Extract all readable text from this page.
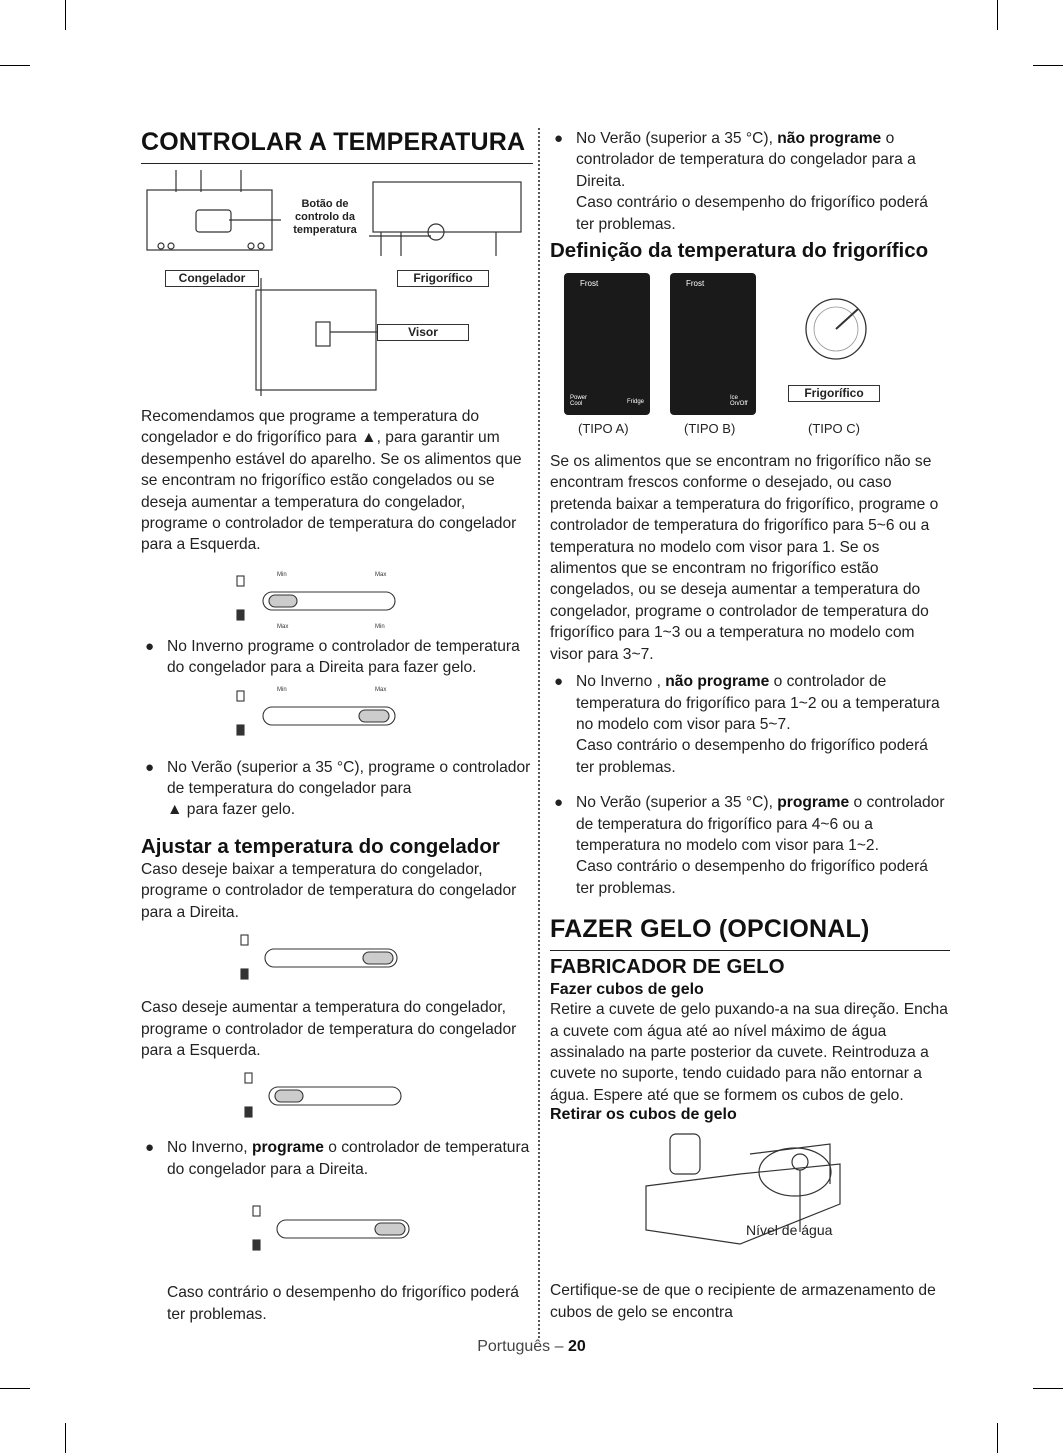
CONTROLAR A TEMPERATURA
Botão de controlo da temperatura
Congelador	Frigorífico
Visor

Recomendamos que programe a temperatura do congelador e do frigorífico para ▲, para garantir um desempenho estável do aparelho. Se os alimentos que se encontram no frigorífico estão congelados ou se deseja aumentar a temperatura do congelador, programe o controlador de temperatura do congelador para a Esquerda.

Min	Max
Max	Min
● No Inverno programe o controlador de temperatura do congelador para a Direita para fazer gelo.
Min	Max
● No Verão (superior a 35 °C), programe o controlador de temperatura do congelador para
▲ para fazer gelo.
Ajustar a temperatura do congelador

Caso deseje baixar a temperatura do congelador, programe o controlador de temperatura do congelador para a Direita.

Caso deseje aumentar a temperatura do congelador, programe o controlador de temperatura do congelador para a Esquerda.

● No Inverno, programe o controlador de temperatura do congelador para a Direita.

Caso contrário o desempenho do frigorífico poderá ter problemas.

● No Verão (superior a 35 °C), não programe o controlador de temperatura do congelador para a Direita.
Caso contrário o desempenho do frigorífico poderá ter problemas.
Definição da temperatura do frigorífico
Frost
Power Cool	Fridge
Frost
Ice On/Off
Frigorífico
(TIPO A)	(TIPO B)	(TIPO C)

Se os alimentos que se encontram no frigorífico não se encontram frescos conforme o desejado, ou caso pretenda baixar a temperatura do frigorífico, programe o controlador de temperatura do frigorífico para 5~6 ou a temperatura no modelo com visor para 1. Se os alimentos que se encontram no frigorífico estão congelados, ou se deseja aumentar a temperatura do congelador, programe o controlador de temperatura do frigorífico para 1~3 ou a temperatura no modelo com visor para 3~7.

● No Inverno , não programe o controlador de temperatura do frigorífico para 1~2 ou a temperatura no modelo com visor para 5~7.
Caso contrário o desempenho do frigorífico poderá ter problemas.
● No Verão (superior a 35 °C), programe o controlador de temperatura do frigorífico para 4~6 ou a temperatura no modelo com visor para 1~2.
Caso contrário o desempenho do frigorífico poderá ter problemas.
FAZER GELO (OPCIONAL)
FABRICADOR DE GELO
Fazer cubos de gelo

Retire a cuvete de gelo puxando-a na sua direção. Encha a cuvete com água até ao nível máximo de água assinalado na parte posterior da cuvete. Reintroduza a cuvete no suporte, tendo cuidado para não entornar a água. Espere até que se formem os cubos de gelo.

Retirar os cubos de gelo
Nível de água

Certifique-se de que o recipiente de armazenamento de cubos de gelo se encontra

Português – 20
